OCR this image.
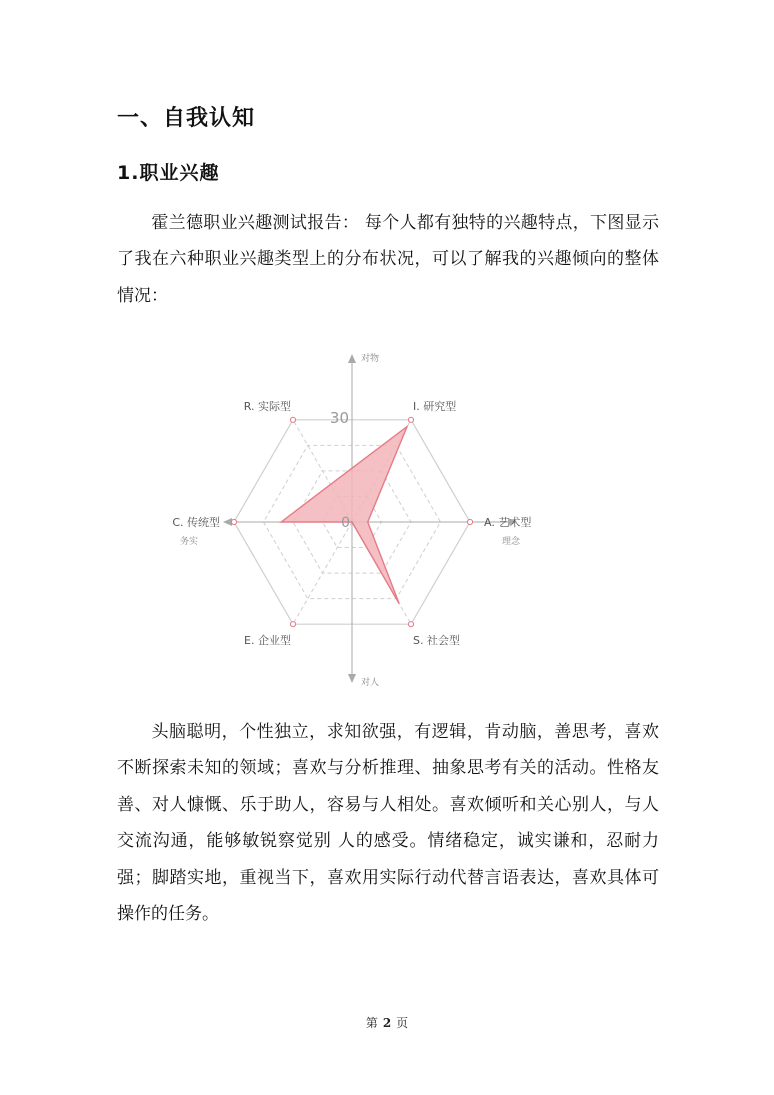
一、自我认知
1.职业兴趣

霍兰德职业兴趣测试报告： 每个人都有独特的兴趣特点，下图显示了我在六种职业兴趣类型上的分布状况，可以了解我的兴趣倾向的整体情况：

I. 研究型
A. 艺术型
S. 社会型
E. 企业型
C. 传统型
R. 实际型
对物
对人
务实	理念
30
0

头脑聪明，个性独立，求知欲强，有逻辑，肯动脑，善思考，喜欢不断探索未知的领域；喜欢与分析推理、抽象思考有关的活动。性格友善、对人慷慨、乐于助人，容易与人相处。喜欢倾听和关心别人，与人交流沟通，能够敏锐察觉别 人的感受。情绪稳定，诚实谦和，忍耐力强；脚踏实地，重视当下，喜欢用实际行动代替言语表达，喜欢具体可操作的任务。

第 2 页
